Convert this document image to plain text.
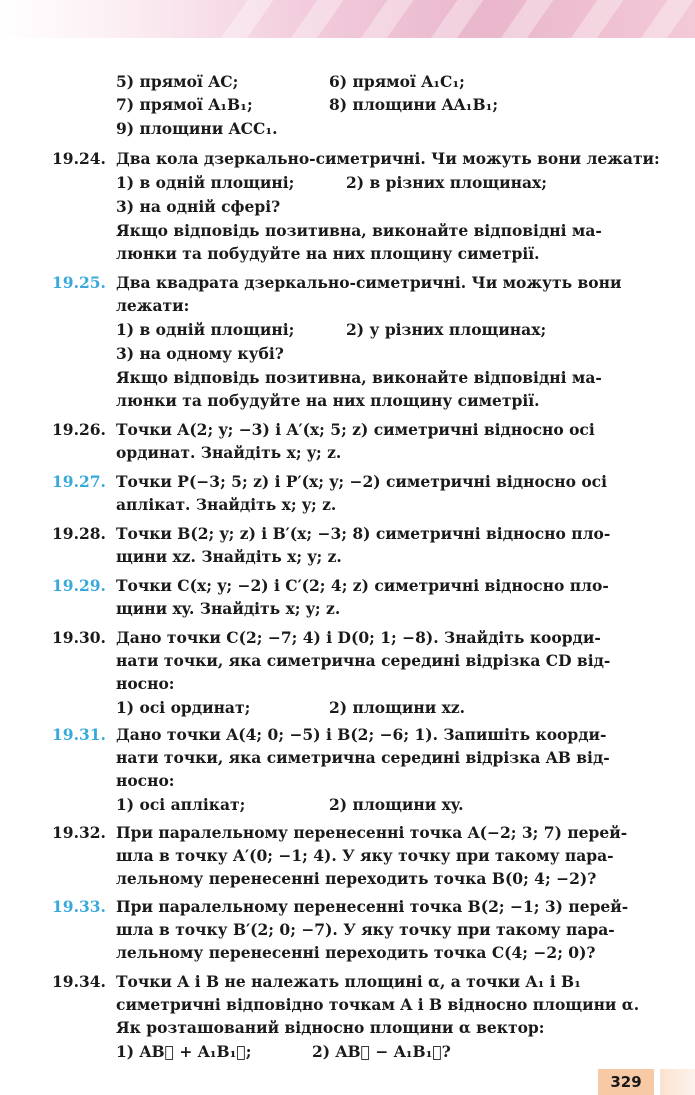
5) прямої AC;	6) прямої A₁C₁;
7) прямої A₁B₁;	8) площини AA₁B₁;
9) площини ACC₁.
19.24. Два кола дзеркально-симетричні. Чи можуть вони лежати:
1) в одній площині;	2) в різних площинах;
3) на одній сфері?
Якщо відповідь позитивна, виконайте відповідні ма-
люнки та побудуйте на них площину симетрії.
19.25. Два квадрата дзеркально-симетричні. Чи можуть вони
лежати:
1) в одній площині;	2) у різних площинах;
3) на одному кубі?
Якщо відповідь позитивна, виконайте відповідні ма-
люнки та побудуйте на них площину симетрії.
19.26. Точки A(2; y; −3) і A′(x; 5; z) симетричні відносно осі
ординат. Знайдіть x; y; z.
19.27. Точки P(−3; 5; z) і P′(x; y; −2) симетричні відносно осі
аплікат. Знайдіть x; y; z.
19.28. Точки B(2; y; z) і B′(x; −3; 8) симетричні відносно пло-
щини xz. Знайдіть x; y; z.
19.29. Точки C(x; y; −2) і C′(2; 4; z) симетричні відносно пло-
щини xy. Знайдіть x; y; z.
19.30. Дано точки C(2; −7; 4) і D(0; 1; −8). Знайдіть коорди-
нати точки, яка симетрична середині відрізка CD від-
носно:
1) осі ординат;	2) площини xz.
19.31. Дано точки A(4; 0; −5) і B(2; −6; 1). Запишіть коорди-
нати точки, яка симетрична середині відрізка AB від-
носно:
1) осі аплікат;	2) площини xy.
19.32. При паралельному перенесенні точка A(−2; 3; 7) перей-
шла в точку A′(0; −1; 4). У яку точку при такому пара-
лельному перенесенні переходить точка B(0; 4; −2)?
19.33. При паралельному перенесенні точка B(2; −1; 3) перей-
шла в точку B′(2; 0; −7). У яку точку при такому пара-
лельному перенесенні переходить точка C(4; −2; 0)?
19.34. Точки A і B не належать площині α, а точки A₁ і B₁
симетричні відповідно точкам A і B відносно площини α.
Як розташований відносно площини α вектор:
1) AB⃗ + A₁B₁⃗;	2) AB⃗ − A₁B₁⃗?
329
